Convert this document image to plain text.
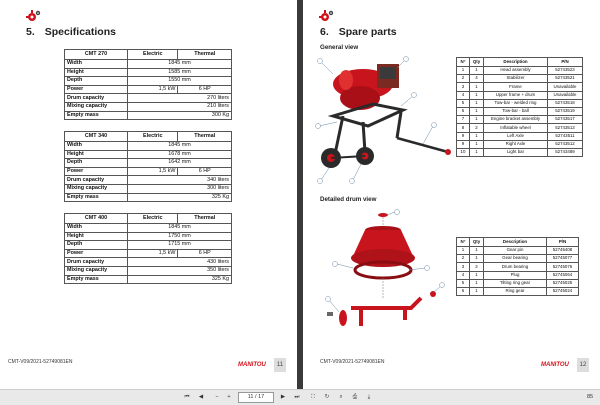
5. Specifications
CMT 270	Electric	Thermal
Width	1845 mm	
Height	1585 mm	
Depth	1550 mm	
Power	1,5 kW	6 HP
Drum capacity	270 liters	
Mixing capacity	210 liters	
Empty mass	300 Kg	
CMT 340	Electric	Thermal
Width	1845 mm	
Height	1678 mm	
Depth	1642 mm	
Power	1,5 kW	6 HP
Drum capacity	340 liters	
Mixing capacity	300 liters	
Empty mass	325 Kg	
CMT 400	Electric	Thermal
Width	1845 mm	
Height	1750 mm	
Depth	1715 mm	
Power	1,5 kW	6 HP
Drum capacity	430 liters	
Mixing capacity	350 liters	
Empty mass	325 Kg	
CMT-V09/2021-52749081EN	MANITOU	11
6. Spare parts
General view
Detailed drum view
CMT-V09/2021-52749081EN	MANITOU	12
N°	Qty	Description	P/N
1	1	Head assembly	52743523
2	4	Stabilizer	52743521
3	1	Frame	Unavailable
4	1	Upper frame + drum	Unavailable
5	1	Tow-bar - welded ring	52743518
6	1	Tow-bar - ball	52743519
7	1	Engine bracket assembly	52743517
8	2	Inflatable wheel	52743513
9	1	Left Axle	52743511
9	1	Right Axle	52743512
10	1	Light bar	52743489
N°	Qty	Description	P/N
1	1	Gear pin	52745408
2	1	Gear bearing	52745077
3	2	Drum bearing	52745076
4	1	Plug	52745064
5	1	Tilting ring gear	52745025
6	1	Ring gear	52745024
⏮	◀	−	+	11 / 17	▶	⏭	⛶	↻	⌕	⎙	⤓	85
